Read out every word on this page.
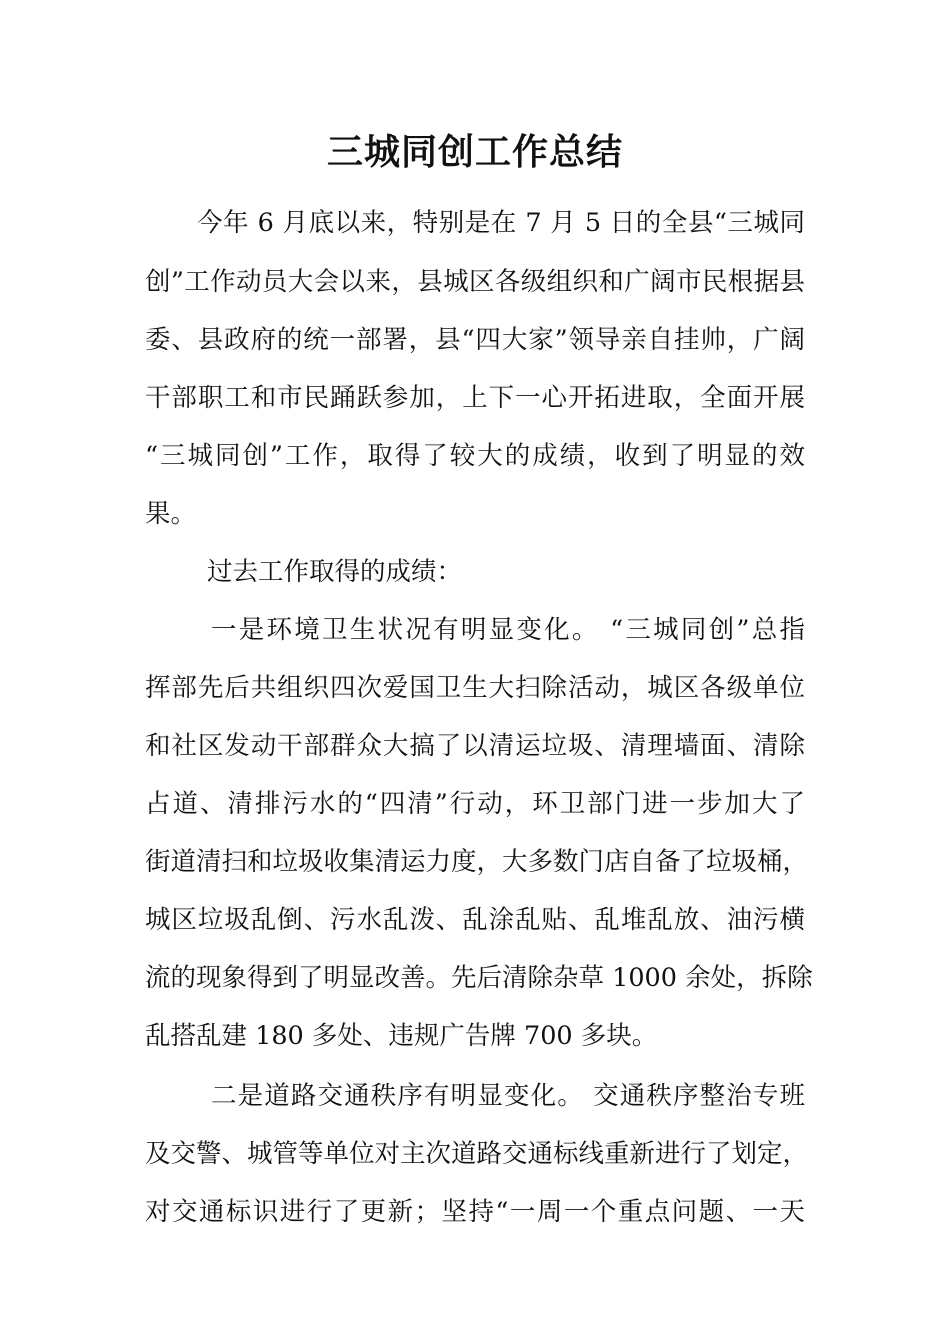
三城同创工作总结
今年 6 月底以来，特别是在 7 月 5 日的全县“三城同
创”工作动员大会以来，县城区各级组织和广阔市民根据县
委、县政府的统一部署，县“四大家”领导亲自挂帅，广阔
干部职工和市民踊跃参加，上下一心开拓进取，全面开展
“三城同创”工作，取得了较大的成绩，收到了明显的效
果。
过去工作取得的成绩：
一是环境卫生状况有明显变化。 “三城同创”总指
挥部先后共组织四次爱国卫生大扫除活动，城区各级单位
和社区发动干部群众大搞了以清运垃圾、清理墙面、清除
占道、清排污水的“四清”行动，环卫部门进一步加大了
街道清扫和垃圾收集清运力度，大多数门店自备了垃圾桶，
城区垃圾乱倒、污水乱泼、乱涂乱贴、乱堆乱放、油污横
流的现象得到了明显改善。先后清除杂草 1000 余处，拆除
乱搭乱建 180 多处、违规广告牌 700 多块。
二是道路交通秩序有明显变化。 交通秩序整治专班
及交警、城管等单位对主次道路交通标线重新进行了划定，
对交通标识进行了更新；坚持“一周一个重点问题、一天
